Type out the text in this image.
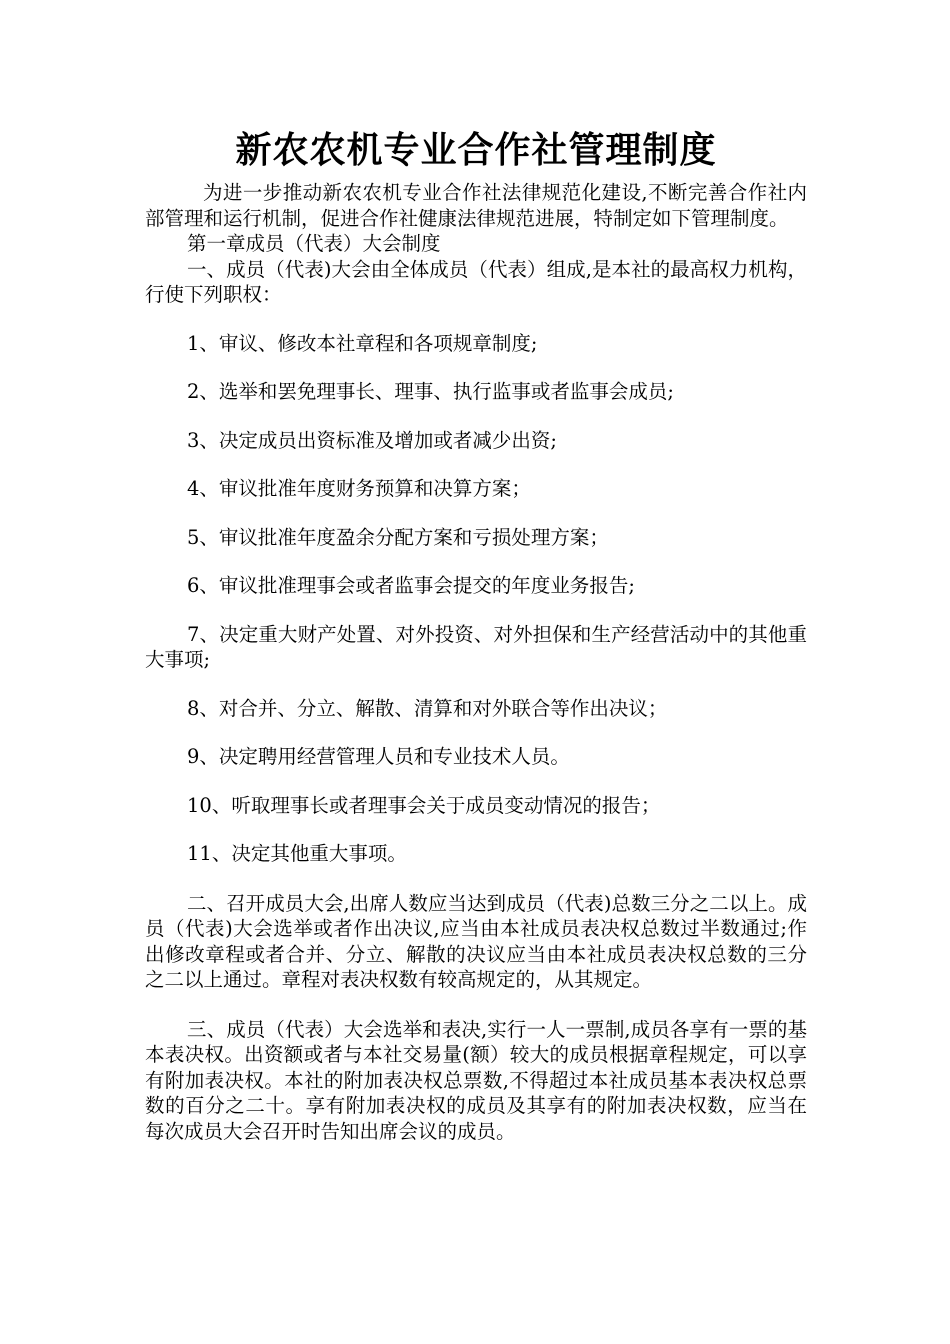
新农农机专业合作社管理制度

为进一步推动新农农机专业合作社法律规范化建设,不断完善合作社内部管理和运行机制，促进合作社健康法律规范进展，特制定如下管理制度。

第一章成员（代表）大会制度

一、成员（代表)大会由全体成员（代表）组成,是本社的最高权力机构，行使下列职权：

1、审议、修改本社章程和各项规章制度;

2、选举和罢免理事长、理事、执行监事或者监事会成员;

3、决定成员出资标准及增加或者减少出资;

4、审议批准年度财务预算和决算方案；

5、审议批准年度盈余分配方案和亏损处理方案；

6、审议批准理事会或者监事会提交的年度业务报告;

7、决定重大财产处置、对外投资、对外担保和生产经营活动中的其他重大事项;

8、对合并、分立、解散、清算和对外联合等作出决议；

9、决定聘用经营管理人员和专业技术人员。

10、听取理事长或者理事会关于成员变动情况的报告；

11、决定其他重大事项。

二、召开成员大会,出席人数应当达到成员（代表)总数三分之二以上。成员（代表)大会选举或者作出决议,应当由本社成员表决权总数过半数通过;作出修改章程或者合并、分立、解散的决议应当由本社成员表决权总数的三分之二以上通过。章程对表决权数有较高规定的，从其规定。

三、成员（代表）大会选举和表决,实行一人一票制,成员各享有一票的基本表决权。出资额或者与本社交易量(额）较大的成员根据章程规定，可以享有附加表决权。本社的附加表决权总票数,不得超过本社成员基本表决权总票数的百分之二十。享有附加表决权的成员及其享有的附加表决权数，应当在每次成员大会召开时告知出席会议的成员。
